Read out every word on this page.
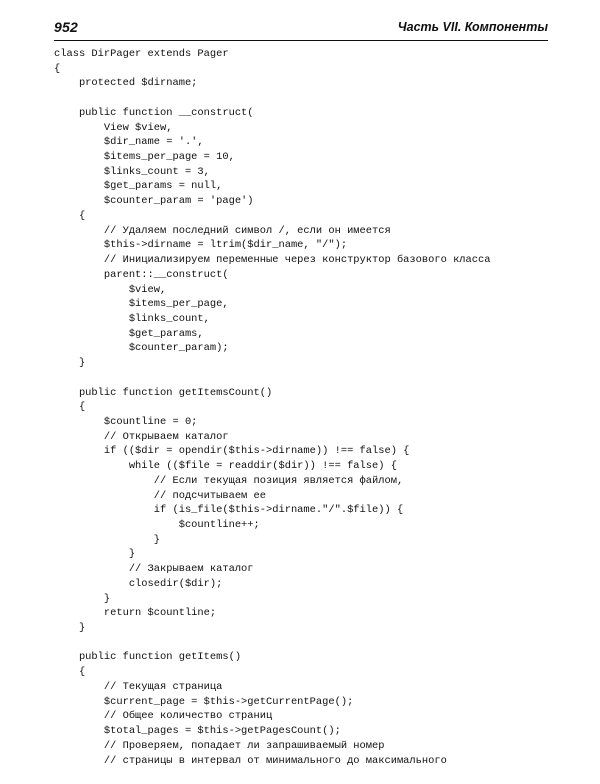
952	Часть VII. Компоненты
class DirPager extends Pager
{
protected $dirname;
public function __construct(
View $view,
$dir_name = '.',
$items_per_page = 10,
$links_count = 3,
$get_params = null,
$counter_param = 'page')
{
// Удаляем последний символ /, если он имеется
$this->dirname = ltrim($dir_name, "/");
// Инициализируем переменные через конструктор базового класса
parent::__construct(
$view,
$items_per_page,
$links_count,
$get_params,
$counter_param);
}
public function getItemsCount()
{
$countline = 0;
// Открываем каталог
if (($dir = opendir($this->dirname)) !== false) {
while (($file = readdir($dir)) !== false) {
// Если текущая позиция является файлом,
// подсчитываем ее
if (is_file($this->dirname."/".$file)) {
$countline++;
}
}
// Закрываем каталог
closedir($dir);
}
return $countline;
}
public function getItems()
{
// Текущая страница
$current_page = $this->getCurrentPage();
// Общее количество страниц
$total_pages = $this->getPagesCount();
// Проверяем, попадает ли запрашиваемый номер
// страницы в интервал от минимального до максимального
